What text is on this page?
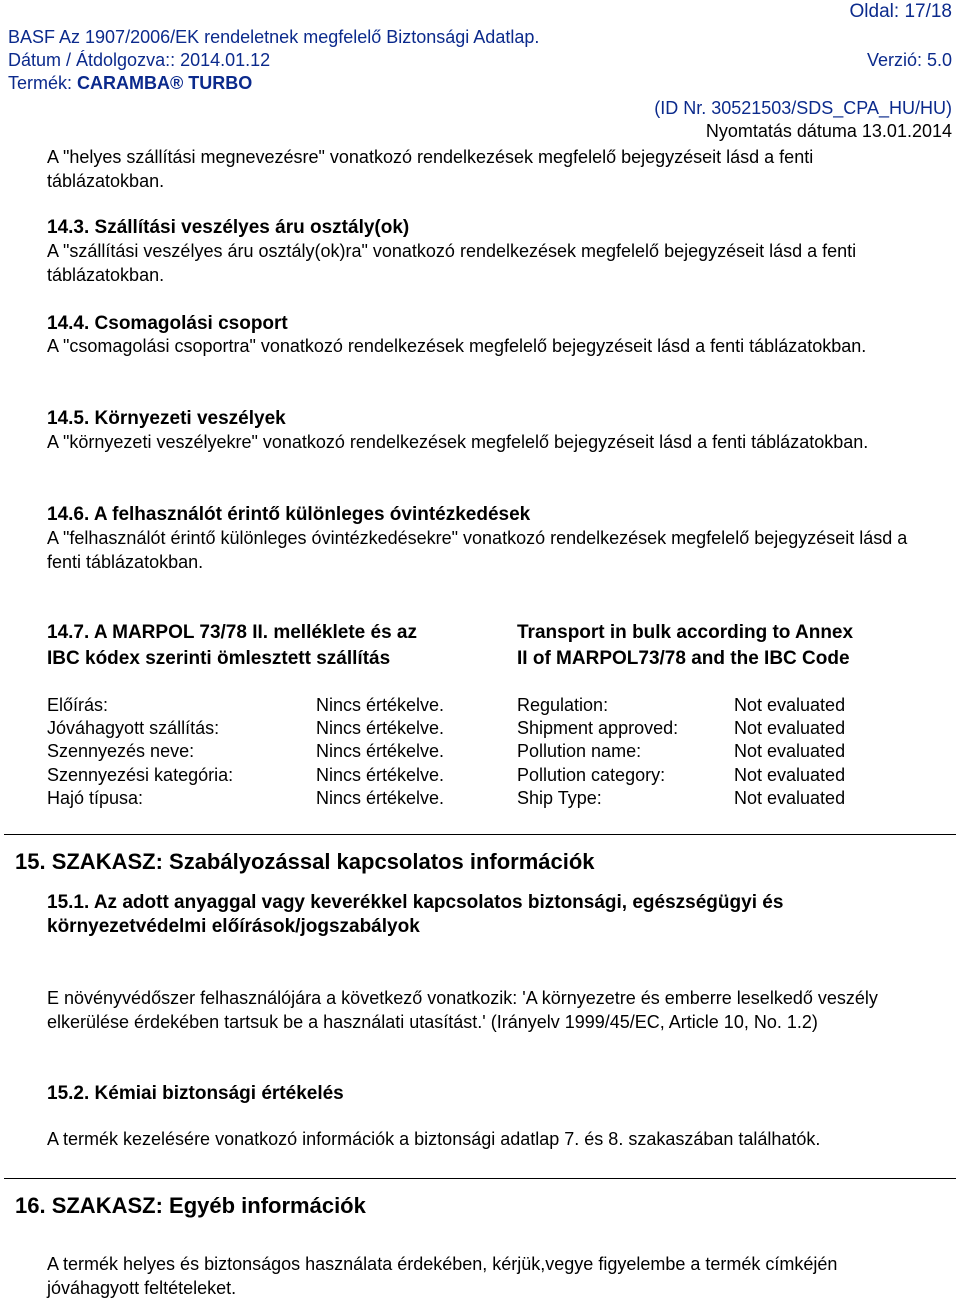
Oldal: 17/18
BASF Az 1907/2006/EK rendeletnek megfelelő Biztonsági Adatlap.
Dátum / Átdolgozva:: 2014.01.12	Verzió: 5.0
Termék: CARAMBA® TURBO
(ID Nr. 30521503/SDS_CPA_HU/HU)
Nyomtatás dátuma 13.01.2014
A "helyes szállítási megnevezésre" vonatkozó rendelkezések megfelelő bejegyzéseit lásd a fenti táblázatokban.
14.3. Szállítási veszélyes áru osztály(ok)
A "szállítási veszélyes áru osztály(ok)ra" vonatkozó rendelkezések megfelelő bejegyzéseit lásd a fenti táblázatokban.
14.4. Csomagolási csoport
A "csomagolási csoportra" vonatkozó rendelkezések megfelelő bejegyzéseit lásd a fenti táblázatokban.
14.5. Környezeti veszélyek
A "környezeti veszélyekre" vonatkozó rendelkezések megfelelő bejegyzéseit lásd a fenti táblázatokban.
14.6. A felhasználót érintő különleges óvintézkedések
A "felhasználót érintő különleges óvintézkedésekre" vonatkozó rendelkezések megfelelő bejegyzéseit lásd a fenti táblázatokban.
14.7. A MARPOL 73/78 II. melléklete és az
IBC kódex szerinti ömlesztett szállítás
Transport in bulk according to Annex
II of MARPOL73/78 and the IBC Code
Előírás:	Nincs értékelve.	Regulation:	Not evaluated
Jóváhagyott szállítás:	Nincs értékelve.	Shipment approved:	Not evaluated
Szennyezés neve:	Nincs értékelve.	Pollution name:	Not evaluated
Szennyezési kategória:	Nincs értékelve.	Pollution category:	Not evaluated
Hajó típusa:	Nincs értékelve.	Ship Type:	Not evaluated
15. SZAKASZ: Szabályozással kapcsolatos információk
15.1. Az adott anyaggal vagy keverékkel kapcsolatos biztonsági, egészségügyi és
környezetvédelmi előírások/jogszabályok
E növényvédőszer felhasználójára a következő vonatkozik: 'A környezetre és emberre leselkedő veszély elkerülése érdekében tartsuk be a használati utasítást.' (Irányelv 1999/45/EC, Article 10, No. 1.2)
15.2. Kémiai biztonsági értékelés
A termék kezelésére vonatkozó információk a biztonsági adatlap 7. és 8. szakaszában találhatók.
16. SZAKASZ: Egyéb információk
A termék helyes és biztonságos használata érdekében, kérjük,vegye figyelembe a termék címkéjén jóváhagyott feltételeket.
